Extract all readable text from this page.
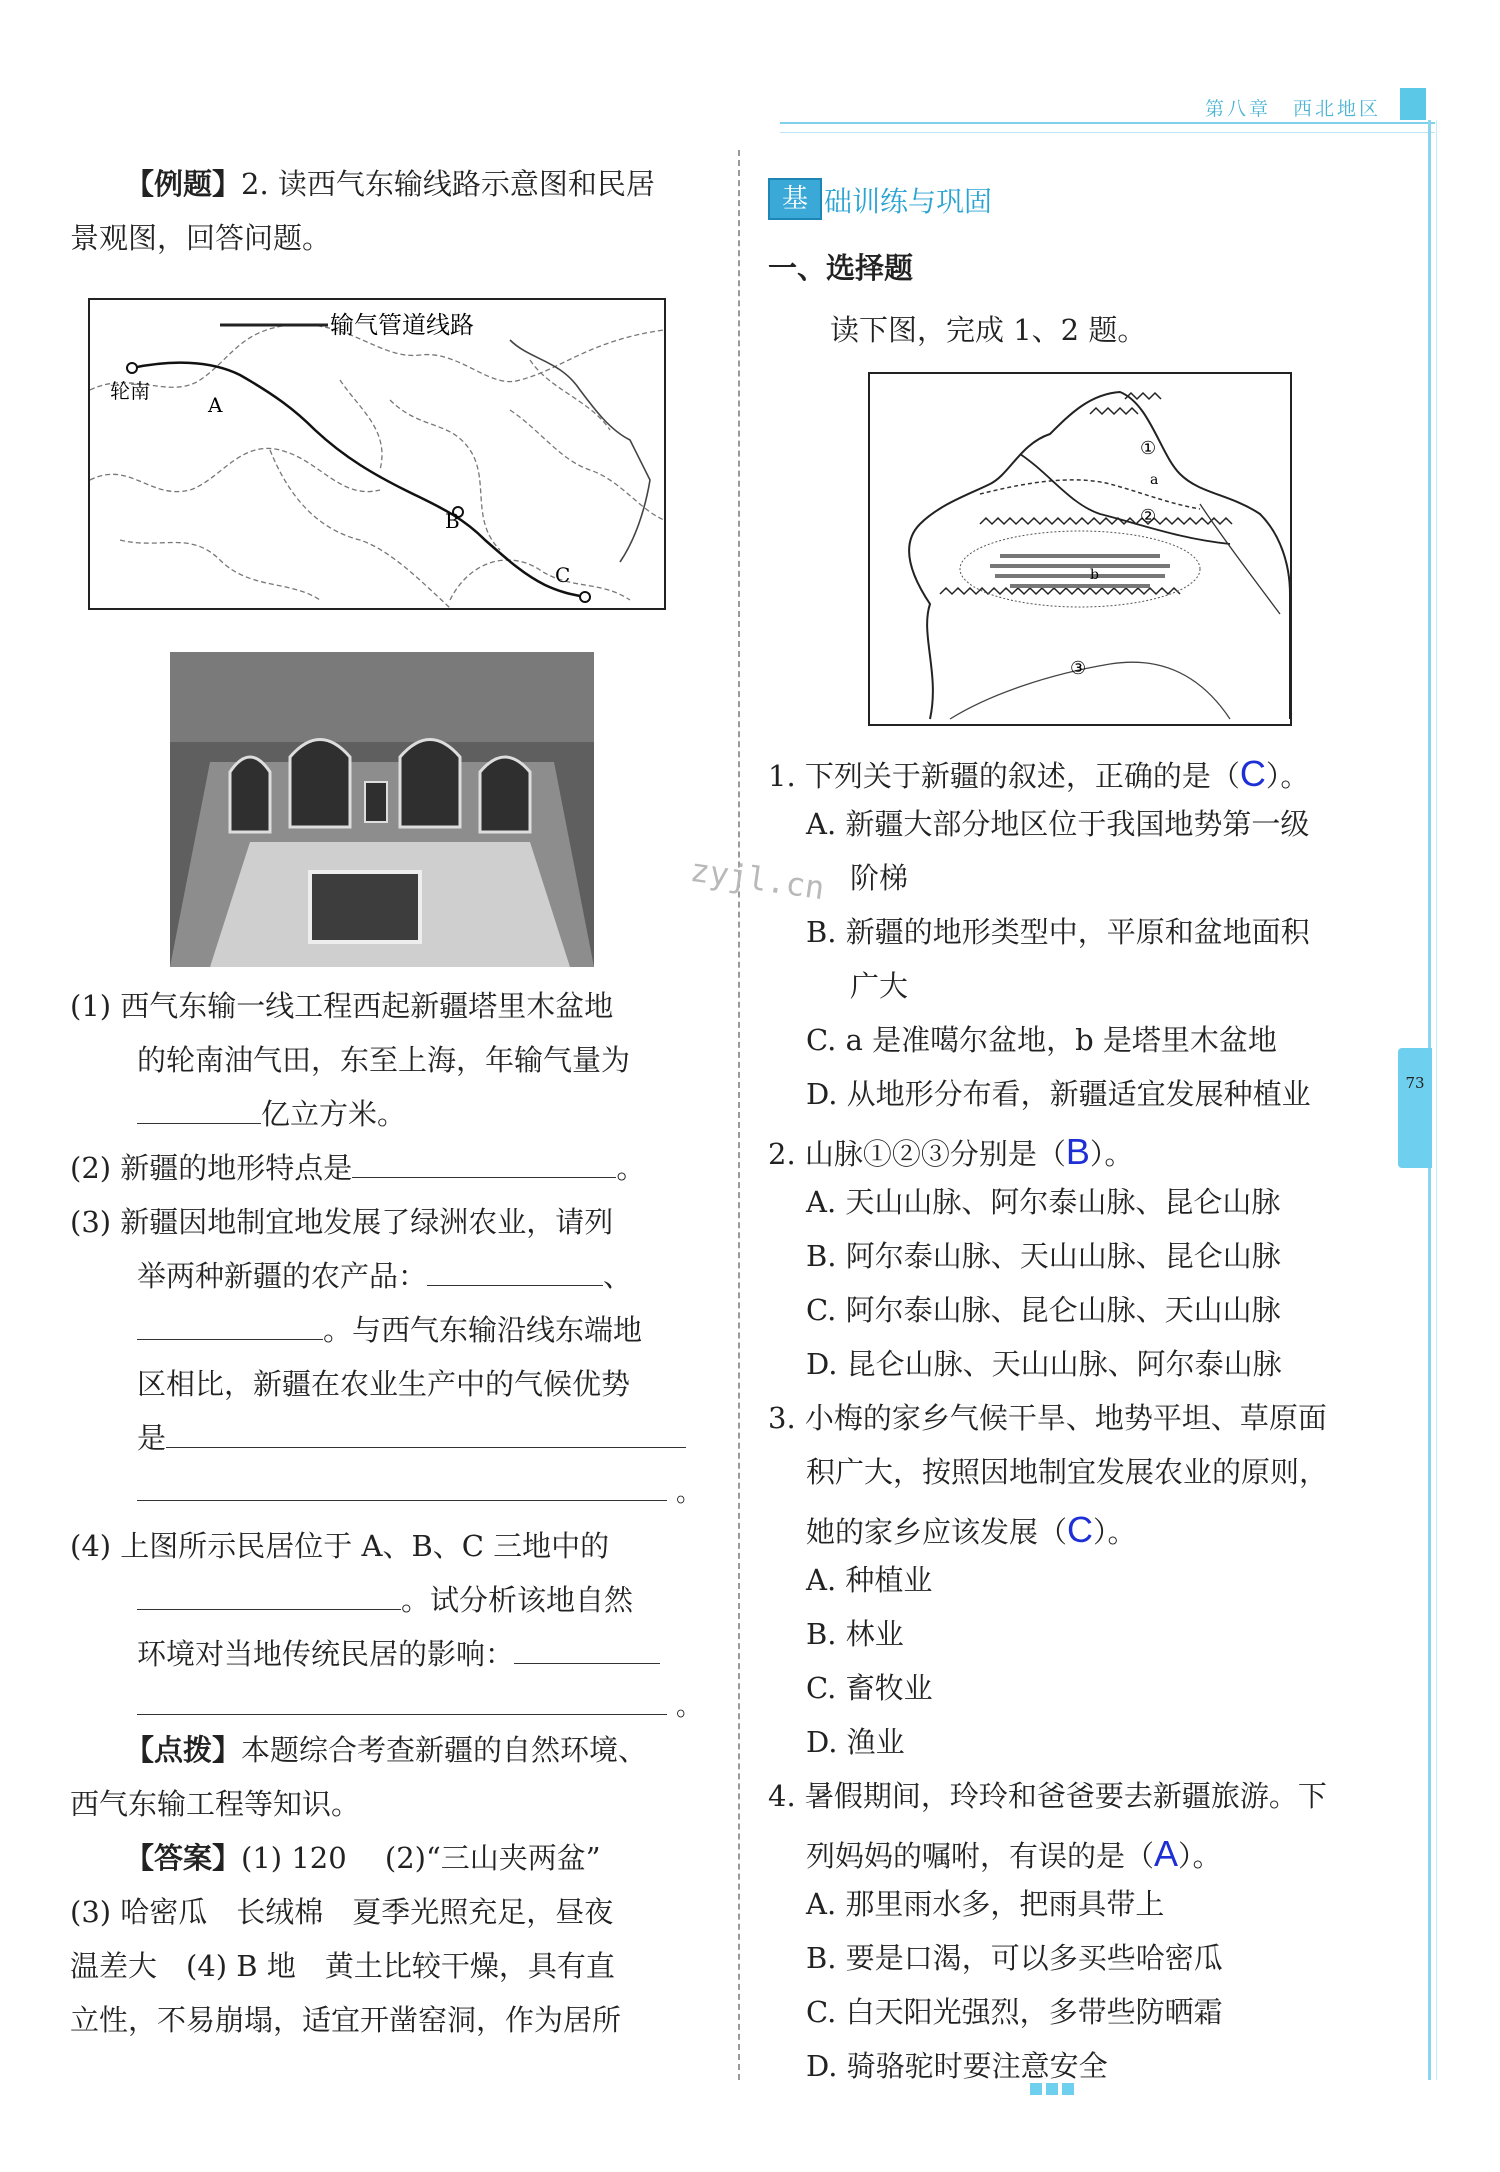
第八章　西北地区
73
【例题】2. 读西气东输线路示意图和民居
景观图，回答问题。
输气管道线路
轮南
A
B
C
zyjl.cn
(1) 西气东输一线工程西起新疆塔里木盆地
的轮南油气田，东至上海，年输气量为
亿立方米。
(2) 新疆的地形特点是	。
(3) 新疆因地制宜地发展了绿洲农业，请列
举两种新疆的农产品：	、
。与西气东输沿线东端地
区相比，新疆在农业生产中的气候优势
是
。
(4) 上图所示民居位于 A、B、C 三地中的
。试分析该地自然
环境对当地传统民居的影响：
。
【点拨】本题综合考查新疆的自然环境、
西气东输工程等知识。
【答案】(1) 120　 (2)“三山夹两盆”
(3) 哈密瓜　长绒棉　夏季光照充足，昼夜
温差大　(4) B 地　黄土比较干燥，具有直
立性，不易崩塌，适宜开凿窑洞，作为居所
基 础训练与巩固
一、选择题
读下图，完成 1、2 题。
①
②
③
a
b
1. 下列关于新疆的叙述，正确的是（C）。
A. 新疆大部分地区位于我国地势第一级
阶梯
B. 新疆的地形类型中，平原和盆地面积
广大
C. a 是准噶尔盆地，b 是塔里木盆地
D. 从地形分布看，新疆适宜发展种植业
2. 山脉①②③分别是（B）。
A. 天山山脉、阿尔泰山脉、昆仑山脉
B. 阿尔泰山脉、天山山脉、昆仑山脉
C. 阿尔泰山脉、昆仑山脉、天山山脉
D. 昆仑山脉、天山山脉、阿尔泰山脉
3. 小梅的家乡气候干旱、地势平坦、草原面
积广大，按照因地制宜发展农业的原则，
她的家乡应该发展（C）。
A. 种植业
B. 林业
C. 畜牧业
D. 渔业
4. 暑假期间，玲玲和爸爸要去新疆旅游。下
列妈妈的嘱咐，有误的是（A）。
A. 那里雨水多，把雨具带上
B. 要是口渴，可以多买些哈密瓜
C. 白天阳光强烈，多带些防晒霜
D. 骑骆驼时要注意安全
